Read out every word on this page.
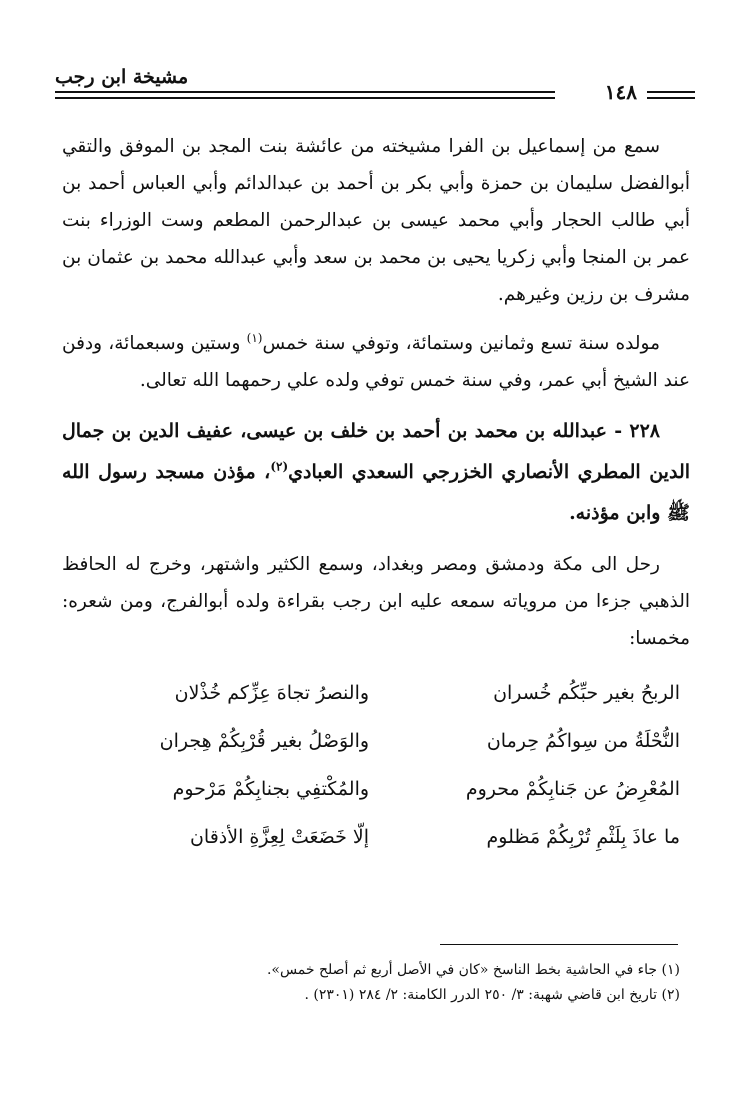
مشيخة ابن رجب
١٤٨

سمع من إسماعيل بن الفرا مشيخته من عائشة بنت المجد بن الموفق والتقي أبوالفضل سليمان بن حمزة وأبي بكر بن أحمد بن عبدالدائم وأبي العباس أحمد بن أبي طالب الحجار وأبي محمد عيسى بن عبدالرحمن المطعم وست الوزراء بنت عمر بن المنجا وأبي زكريا يحيى بن محمد بن سعد وأبي عبدالله محمد بن عثمان بن مشرف بن رزين وغيرهم.

مولده سنة تسع وثمانين وستمائة، وتوفي سنة خمس$^{(١)}$ وستين وسبعمائة، ودفن عند الشيخ أبي عمر، وفي سنة خمس توفي ولده علي رحمهما الله تعالى.

٢٢٨ - عبدالله بن محمد بن أحمد بن خلف بن عيسى، عفيف الدين بن جمال الدين المطري الأنصاري الخزرجي السعدي العبادي$^{(٢)}$، مؤذن مسجد رسول الله ﷺ وابن مؤذنه.

رحل الى مكة ودمشق ومصر وبغداد، وسمع الكثير واشتهر، وخرج له الحافظ الذهبي جزءا من مروياته سمعه عليه ابن رجب بقراءة ولده أبوالفرج، ومن شعره: مخمسا:

الربحُ بغير حبِّكُم خُسران
والنصرُ تجاهَ عِزِّكم خُذْلان
النُّحْلَةُ من سِواكُمُ حِرمان
والوَصْلُ بغير قُرْبِكُمْ هِجران
المُعْرِضُ عن جَنابِكُمْ محروم
والمُكْتفِي بجنابِكُمْ مَرْحوم
ما عاذَ بِلَثْمِ تُرْبِكُمْ مَظلوم
إلّا خَضَعَتْ لِعِزَّةِ الأذقان

(١) جاء في الحاشية بخط الناسخ «كان في الأصل أربع ثم أصلح خمس».

(٢) تاريخ ابن قاضي شهبة: ٣/ ٢٥٠ الدرر الكامنة: ٢/ ٢٨٤ (٢٣٠١) .
